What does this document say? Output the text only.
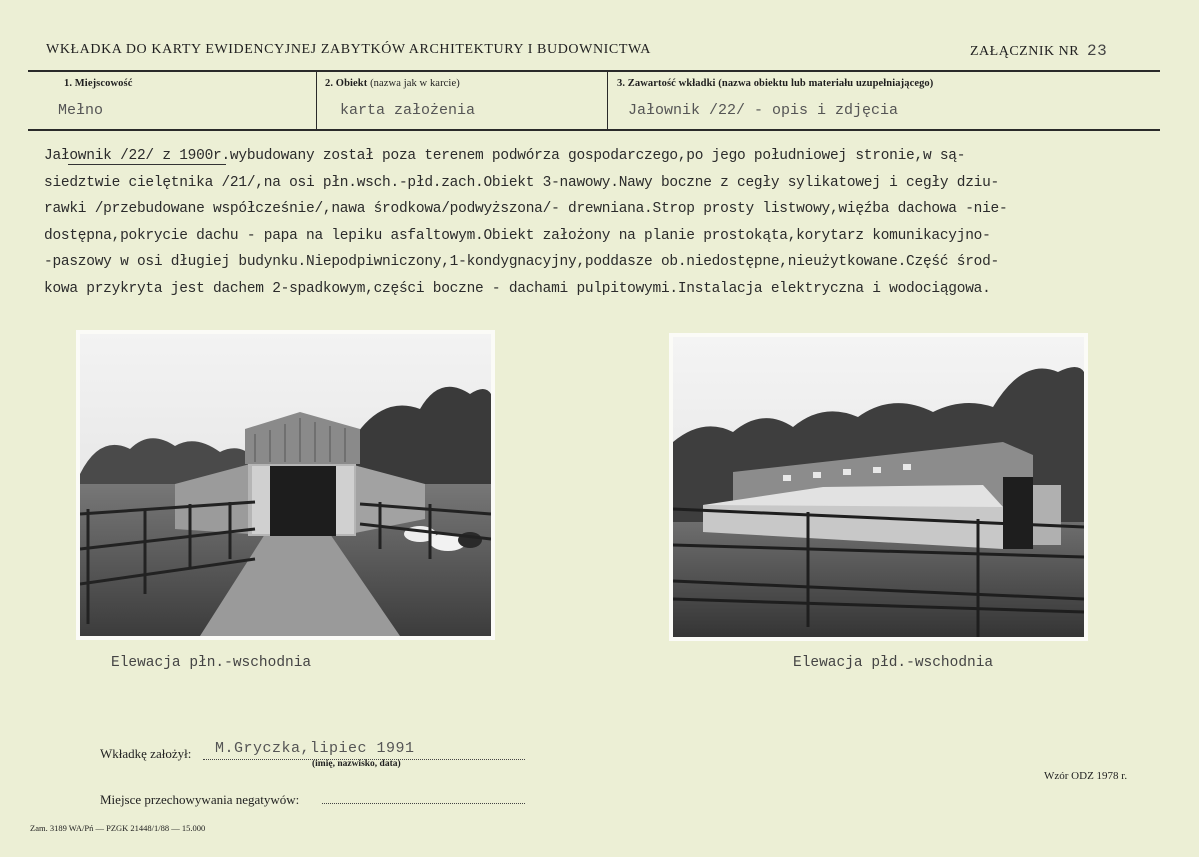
WKŁADKA DO KARTY EWIDENCYJNEJ ZABYTKÓW ARCHITEKTURY I BUDOWNICTWA	ZAŁĄCZNIK NR 23
1. Miejscowość
Mełno
2. Obiekt (nazwa jak w karcie)
karta założenia
3. Zawartość wkładki (nazwa obiektu lub materiału uzupełniającego)
Jałownik /22/ - opis i zdjęcia
Jałownik /22/ z 1900r.wybudowany został poza terenem podwórza gospodarczego,po jego południowej stronie,w są-
siedztwie cielętnika /21/,na osi płn.wsch.-płd.zach.Obiekt 3-nawowy.Nawy boczne z cegły sylikatowej i cegły dziu-
rawki /przebudowane współcześnie/,nawa środkowa/podwyższona/- drewniana.Strop prosty listwowy,więźba dachowa -nie-
dostępna,pokrycie dachu - papa na lepiku asfaltowym.Obiekt założony na planie prostokąta,korytarz komunikacyjno-
-paszowy w osi długiej budynku.Niepodpiwniczony,1-kondygnacyjny,poddasze ob.niedostępne,nieużytkowane.Część środ-
kowa przykryta jest dachem 2-spadkowym,części boczne - dachami pulpitowymi.Instalacja elektryczna i wodociągowa.
Elewacja płn.-wschodnia	Elewacja płd.-wschodnia
Wkładkę założył: M.Gryczka,lipiec 1991
(imię, nazwisko, data)
Miejsce przechowywania negatywów:
Wzór ODZ 1978 r.
Zam. 3189 WA/Pń — PZGK 21448/1/88 — 15.000
